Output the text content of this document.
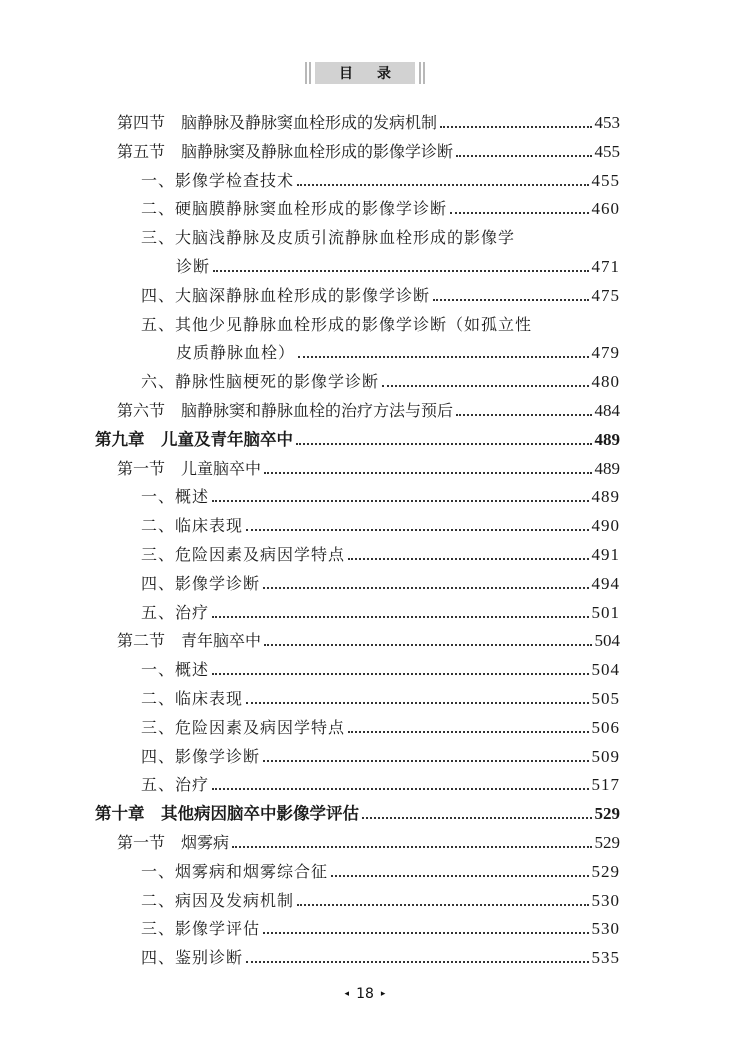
目录
第四节　脑静脉及静脉窦血栓形成的发病机制	453
第五节　脑静脉窦及静脉血栓形成的影像学诊断	455
一、影像学检查技术	455
二、硬脑膜静脉窦血栓形成的影像学诊断	460
三、大脑浅静脉及皮质引流静脉血栓形成的影像学
诊断	471
四、大脑深静脉血栓形成的影像学诊断	475
五、其他少见静脉血栓形成的影像学诊断（如孤立性
皮质静脉血栓）	479
六、静脉性脑梗死的影像学诊断	480
第六节　脑静脉窦和静脉血栓的治疗方法与预后	484
第九章　儿童及青年脑卒中	489
第一节　儿童脑卒中	489
一、概述	489
二、临床表现	490
三、危险因素及病因学特点	491
四、影像学诊断	494
五、治疗	501
第二节　青年脑卒中	504
一、概述	504
二、临床表现	505
三、危险因素及病因学特点	506
四、影像学诊断	509
五、治疗	517
第十章　其他病因脑卒中影像学评估	529
第一节　烟雾病	529
一、烟雾病和烟雾综合征	529
二、病因及发病机制	530
三、影像学评估	530
四、鉴别诊断	535
◂ 18 ▸
